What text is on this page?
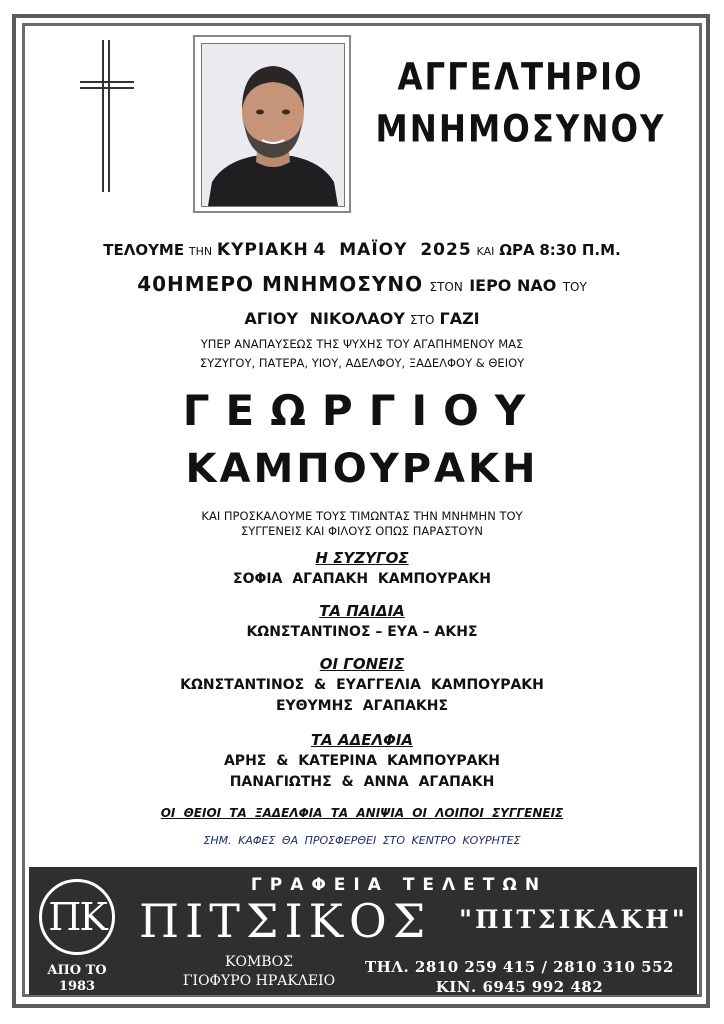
ΑΓΓΕΛΤΗΡΙΟ
ΜΝΗΜΟΣΥΝΟΥ
ΤΕΛΟΥΜΕ ΤΗΝ ΚΥΡΙΑΚΗ 4 ΜΑΪΟΥ 2025 ΚΑΙ ΩΡΑ 8:30 Π.Μ.
40ΗΜΕΡΟ ΜΝΗΜΟΣΥΝΟ ΣΤΟΝ ΙΕΡΟ ΝΑΟ ΤΟΥ
ΑΓΙΟΥ ΝΙΚΟΛΑΟΥ ΣΤΟ ΓΑΖΙ
ΥΠΕΡ ΑΝΑΠΑΥΣΕΩΣ ΤΗΣ ΨΥΧΗΣ ΤΟΥ ΑΓΑΠΗΜΕΝΟΥ ΜΑΣ
ΣΥΖΥΓΟΥ, ΠΑΤΕΡΑ, ΥΙΟΥ, ΑΔΕΛΦΟΥ, ΞΑΔΕΛΦΟΥ & ΘΕΙΟΥ
ΓΕΩΡΓΙΟΥ
ΚΑΜΠΟΥΡΑΚΗ
ΚΑΙ ΠΡΟΣΚΑΛΟΥΜΕ ΤΟΥΣ ΤΙΜΩΝΤΑΣ ΤΗΝ ΜΝΗΜΗΝ ΤΟΥ
ΣΥΓΓΕΝΕΙΣ ΚΑΙ ΦΙΛΟΥΣ ΟΠΩΣ ΠΑΡΑΣΤΟΥΝ
Η ΣΥΖΥΓΟΣ
ΣΟΦΙΑ ΑΓΑΠΑΚΗ ΚΑΜΠΟΥΡΑΚΗ
ΤΑ ΠΑΙΔΙΑ
ΚΩΝΣΤΑΝΤΙΝΟΣ – ΕΥΑ – ΑΚΗΣ
ΟΙ ΓΟΝΕΙΣ
ΚΩΝΣΤΑΝΤΙΝΟΣ & ΕΥΑΓΓΕΛΙΑ ΚΑΜΠΟΥΡΑΚΗ
ΕΥΘΥΜΗΣ ΑΓΑΠΑΚΗΣ
ΤΑ ΑΔΕΛΦΙΑ
ΑΡΗΣ & ΚΑΤΕΡΙΝΑ ΚΑΜΠΟΥΡΑΚΗ
ΠΑΝΑΓΙΩΤΗΣ & ΑΝΝΑ ΑΓΑΠΑΚΗ
ΟΙ ΘΕΙΟΙ ΤΑ ΞΑΔΕΛΦΙΑ ΤΑ ΑΝΙΨΙΑ ΟΙ ΛΟΙΠΟΙ ΣΥΓΓΕΝΕΙΣ
ΣΗΜ. ΚΑΦΕΣ ΘΑ ΠΡΟΣΦΕΡΘΕΙ ΣΤΟ ΚΕΝΤΡΟ ΚΟΥΡΗΤΕΣ
ΠΚ
ΑΠΟ ΤΟ
1983
ΓΡΑΦΕΙΑ ΤΕΛΕΤΩΝ
ΠΙΤΣΙΚΟΣ "ΠΙΤΣΙΚΑΚΗ"
ΚΟΜΒΟΣ
ΓΙΟΦΥΡΟ ΗΡΑΚΛΕΙΟ
ΤΗΛ. 2810 259 415 / 2810 310 552
ΚΙΝ. 6945 992 482
